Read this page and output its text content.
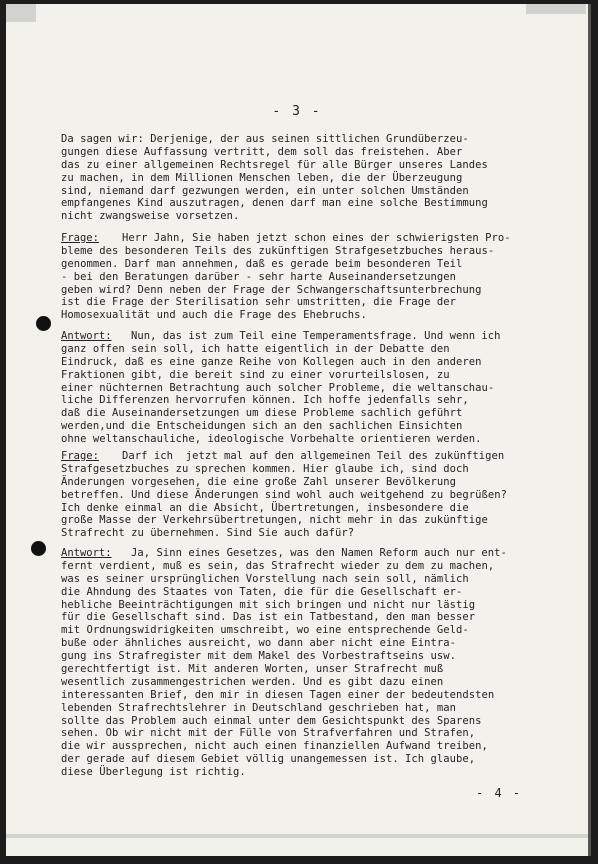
- 3 -
Da sagen wir: Derjenige, der aus seinen sittlichen Grundüberzeu-
gungen diese Auffassung vertritt, dem soll das freistehen. Aber
das zu einer allgemeinen Rechtsregel für alle Bürger unseres Landes
zu machen, in dem Millionen Menschen leben, die der Überzeugung
sind, niemand darf gezwungen werden, ein unter solchen Umständen
empfangenes Kind auszutragen, denen darf man eine solche Bestimmung
nicht zwangsweise vorsetzen.
Frage:	Herr Jahn, Sie haben jetzt schon eines der schwierigsten Pro-
bleme des besonderen Teils des zukünftigen Strafgesetzbuches heraus-
genommen. Darf man annehmen, daß es gerade beim besonderen Teil
- bei den Beratungen darüber - sehr harte Auseinandersetzungen
geben wird? Denn neben der Frage der Schwangerschaftsunterbrechung
ist die Frage der Sterilisation sehr umstritten, die Frage der
Homosexualität und auch die Frage des Ehebruchs.
Antwort:	Nun, das ist zum Teil eine Temperamentsfrage. Und wenn ich
ganz offen sein soll, ich hatte eigentlich in der Debatte den
Eindruck, daß es eine ganze Reihe von Kollegen auch in den anderen
Fraktionen gibt, die bereit sind zu einer vorurteilslosen, zu
einer nüchternen Betrachtung auch solcher Probleme, die weltanschau-
liche Differenzen hervorrufen können. Ich hoffe jedenfalls sehr,
daß die Auseinandersetzungen um diese Probleme sachlich geführt
werden,und die Entscheidungen sich an den sachlichen Einsichten
ohne weltanschauliche, ideologische Vorbehalte orientieren werden.
Frage:	Darf ich  jetzt mal auf den allgemeinen Teil des zukünftigen
Strafgesetzbuches zu sprechen kommen. Hier glaube ich, sind doch
Änderungen vorgesehen, die eine große Zahl unserer Bevölkerung
betreffen. Und diese Änderungen sind wohl auch weitgehend zu begrüßen?
Ich denke einmal an die Absicht, Übertretungen, insbesondere die
große Masse der Verkehrsübertretungen, nicht mehr in das zukünftige
Strafrecht zu übernehmen. Sind Sie auch dafür?
Antwort:	Ja, Sinn eines Gesetzes, was den Namen Reform auch nur ent-
fernt verdient, muß es sein, das Strafrecht wieder zu dem zu machen,
was es seiner ursprünglichen Vorstellung nach sein soll, nämlich
die Ahndung des Staates von Taten, die für die Gesellschaft er-
hebliche Beeinträchtigungen mit sich bringen und nicht nur lästig
für die Gesellschaft sind. Das ist ein Tatbestand, den man besser
mit Ordnungswidrigkeiten umschreibt, wo eine entsprechende Geld-
buße oder ähnliches ausreicht, wo dann aber nicht eine Eintra-
gung ins Strafregister mit dem Makel des Vorbestraftseins usw.
gerechtfertigt ist. Mit anderen Worten, unser Strafrecht muß
wesentlich zusammengestrichen werden. Und es gibt dazu einen
interessanten Brief, den mir in diesen Tagen einer der bedeutendsten
lebenden Strafrechtslehrer in Deutschland geschrieben hat, man
sollte das Problem auch einmal unter dem Gesichtspunkt des Sparens
sehen. Ob wir nicht mit der Fülle von Strafverfahren und Strafen,
die wir aussprechen, nicht auch einen finanziellen Aufwand treiben,
der gerade auf diesem Gebiet völlig unangemessen ist. Ich glaube,
diese Überlegung ist richtig.
- 4 -
